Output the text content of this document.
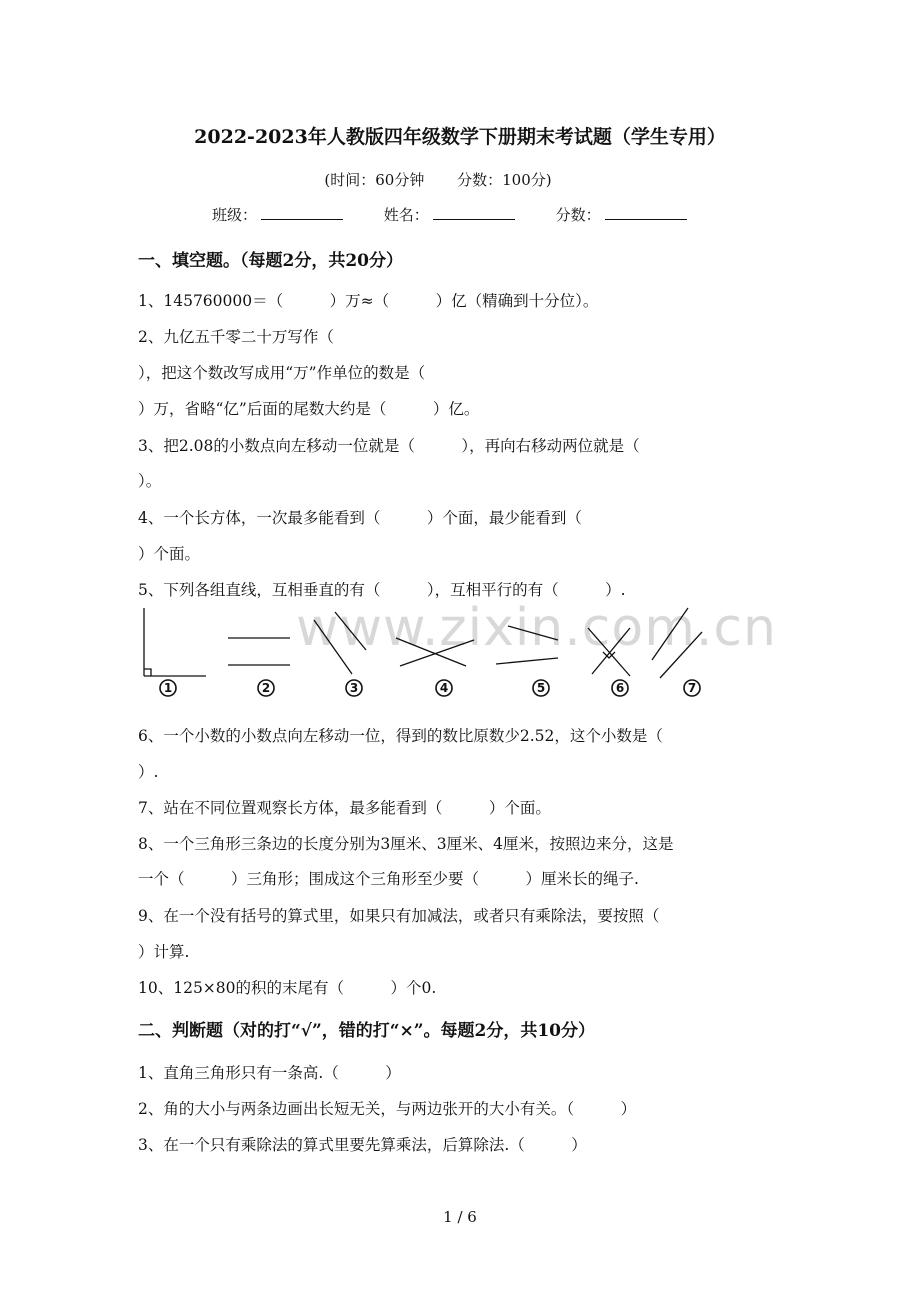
2022-2023年人教版四年级数学下册期末考试题（学生专用）
(时间：60分钟 分数：100分)
班级：	姓名：	分数：
一、填空题。（每题2分，共20分）
1、145760000＝（　　　）万≈（　　　）亿（精确到十分位）。
2、九亿五千零二十万写作（
），把这个数改写成用“万”作单位的数是（
）万，省略“亿”后面的尾数大约是（　　　）亿。
3、把2.08的小数点向左移动一位就是（　　　），再向右移动两位就是（
）。
4、一个长方体，一次最多能看到（　　　）个面，最少能看到（
）个面。
5、下列各组直线，互相垂直的有（　　　），互相平行的有（　　　）.
www.zixin.com.cn
1	2	3	4	5	6	7
6、一个小数的小数点向左移动一位，得到的数比原数少2.52，这个小数是（
）.
7、站在不同位置观察长方体，最多能看到（　　　）个面。
8、一个三角形三条边的长度分别为3厘米、3厘米、4厘米，按照边来分，这是
一个（　　　）三角形；围成这个三角形至少要（　　　）厘米长的绳子.
9、在一个没有括号的算式里，如果只有加减法，或者只有乘除法，要按照（
）计算.
10、125×80的积的末尾有（　　　）个0.
二、判断题（对的打“√”，错的打“×”。每题2分，共10分）
1、直角三角形只有一条高.（　　　）
2、角的大小与两条边画出长短无关，与两边张开的大小有关。（　　　）
3、在一个只有乘除法的算式里要先算乘法，后算除法.（　　　）
1 / 6
